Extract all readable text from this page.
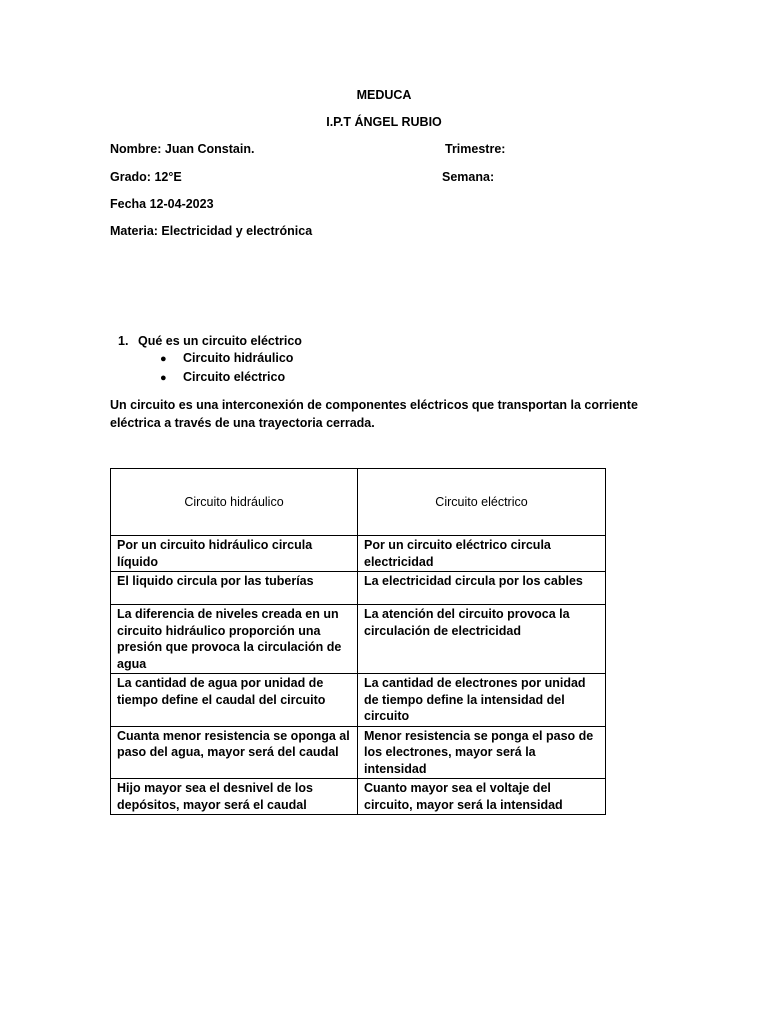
MEDUCA
I.P.T ÁNGEL RUBIO
Nombre: Juan Constain.	Trimestre:
Grado: 12°E	Semana:
Fecha 12-04-2023
Materia: Electricidad y electrónica
1. Qué es un circuito eléctrico
● Circuito hidráulico
● Circuito eléctrico
Un circuito es una interconexión de componentes eléctricos que transportan la corriente eléctrica a través de una trayectoria cerrada.
Circuito hidráulico	Circuito eléctrico
Por un circuito hidráulico circula líquido	Por un circuito eléctrico circula electricidad
El liquido circula por las tuberías	La electricidad circula por los cables
La diferencia de niveles creada en un circuito hidráulico proporción una presión que provoca la circulación de agua	La atención del circuito provoca la circulación de electricidad
La cantidad de agua por unidad de tiempo define el caudal del circuito	La cantidad de electrones por unidad de tiempo define la intensidad del circuito
Cuanta menor resistencia se oponga al paso del agua, mayor será del caudal	Menor resistencia se ponga el paso de los electrones, mayor será la intensidad
Hijo mayor sea el desnivel de los depósitos, mayor será el caudal	Cuanto mayor sea el voltaje del circuito, mayor será la intensidad
